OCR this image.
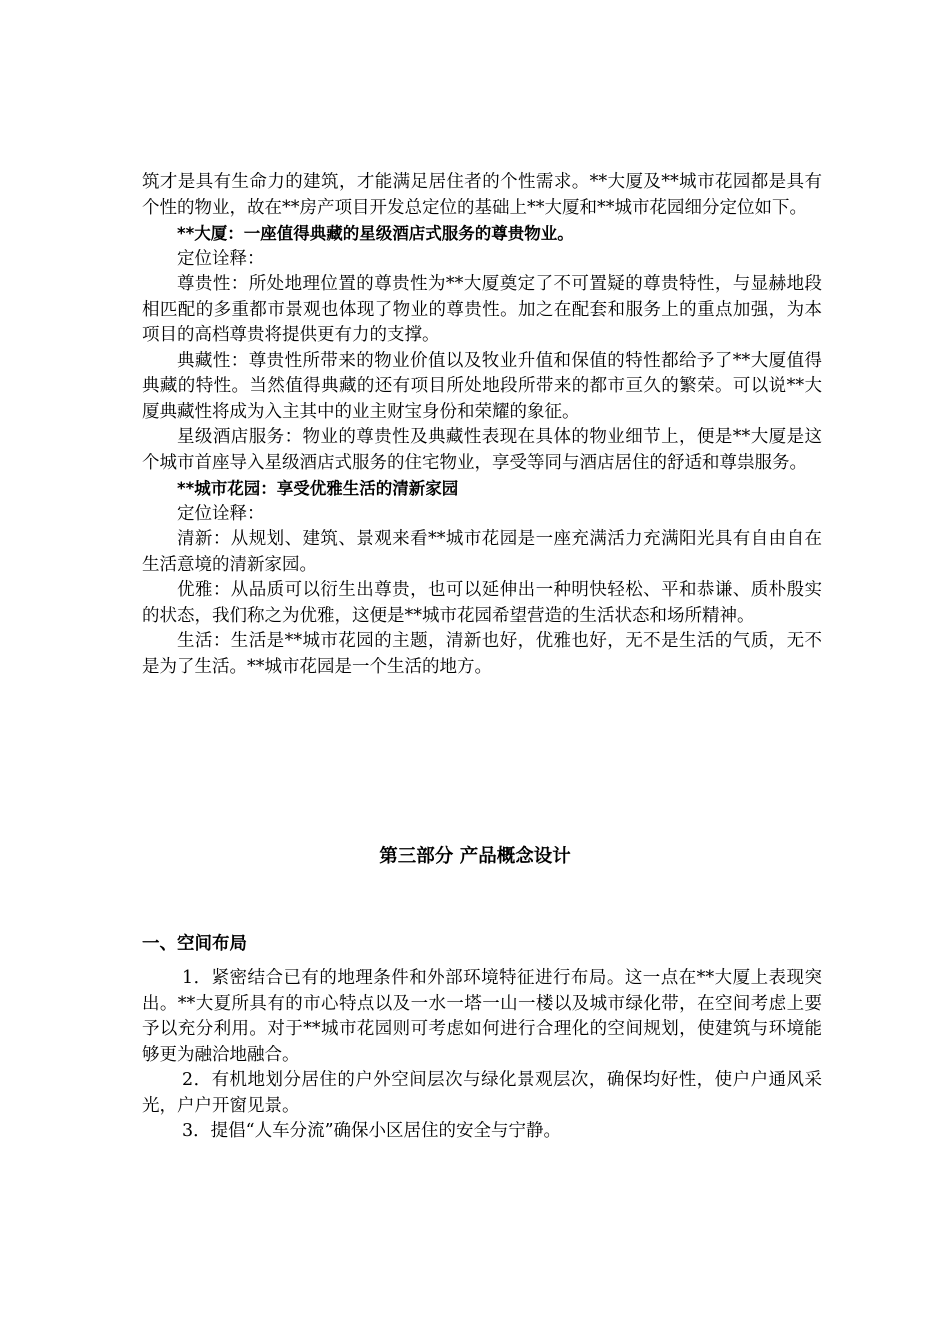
筑才是具有生命力的建筑，才能满足居住者的个性需求。**大厦及**城市花园都是具有个性的物业，故在**房产项目开发总定位的基础上**大厦和**城市花园细分定位如下。

**大厦：一座值得典藏的星级酒店式服务的尊贵物业。

定位诠释：

尊贵性：所处地理位置的尊贵性为**大厦奠定了不可置疑的尊贵特性，与显赫地段相匹配的多重都市景观也体现了物业的尊贵性。加之在配套和服务上的重点加强，为本项目的高档尊贵将提供更有力的支撑。

典藏性：尊贵性所带来的物业价值以及牧业升值和保值的特性都给予了**大厦值得典藏的特性。当然值得典藏的还有项目所处地段所带来的都市亘久的繁荣。可以说**大厦典藏性将成为入主其中的业主财宝身份和荣耀的象征。

星级酒店服务：物业的尊贵性及典藏性表现在具体的物业细节上，便是**大厦是这个城市首座导入星级酒店式服务的住宅物业，享受等同与酒店居住的舒适和尊祟服务。

**城市花园：享受优雅生活的清新家园

定位诠释：

清新：从规划、建筑、景观来看**城市花园是一座充满活力充满阳光具有自由自在生活意境的清新家园。

优雅：从品质可以衍生出尊贵，也可以延伸出一种明快轻松、平和恭谦、质朴殷实的状态，我们称之为优雅，这便是**城市花园希望营造的生活状态和场所精神。

生活：生活是**城市花园的主题，清新也好，优雅也好，无不是生活的气质，无不是为了生活。**城市花园是一个生活的地方。

第三部分 产品概念设计
一、空间布局

1．紧密结合已有的地理条件和外部环境特征进行布局。这一点在**大厦上表现突出。**大夏所具有的市心特点以及一水一塔一山一楼以及城市绿化带，在空间考虑上要予以充分利用。对于**城市花园则可考虑如何进行合理化的空间规划，使建筑与环境能够更为融洽地融合。

2．有机地划分居住的户外空间层次与绿化景观层次，确保均好性，使户户通风采光，户户开窗见景。

3．提倡“人车分流”确保小区居住的安全与宁静。
